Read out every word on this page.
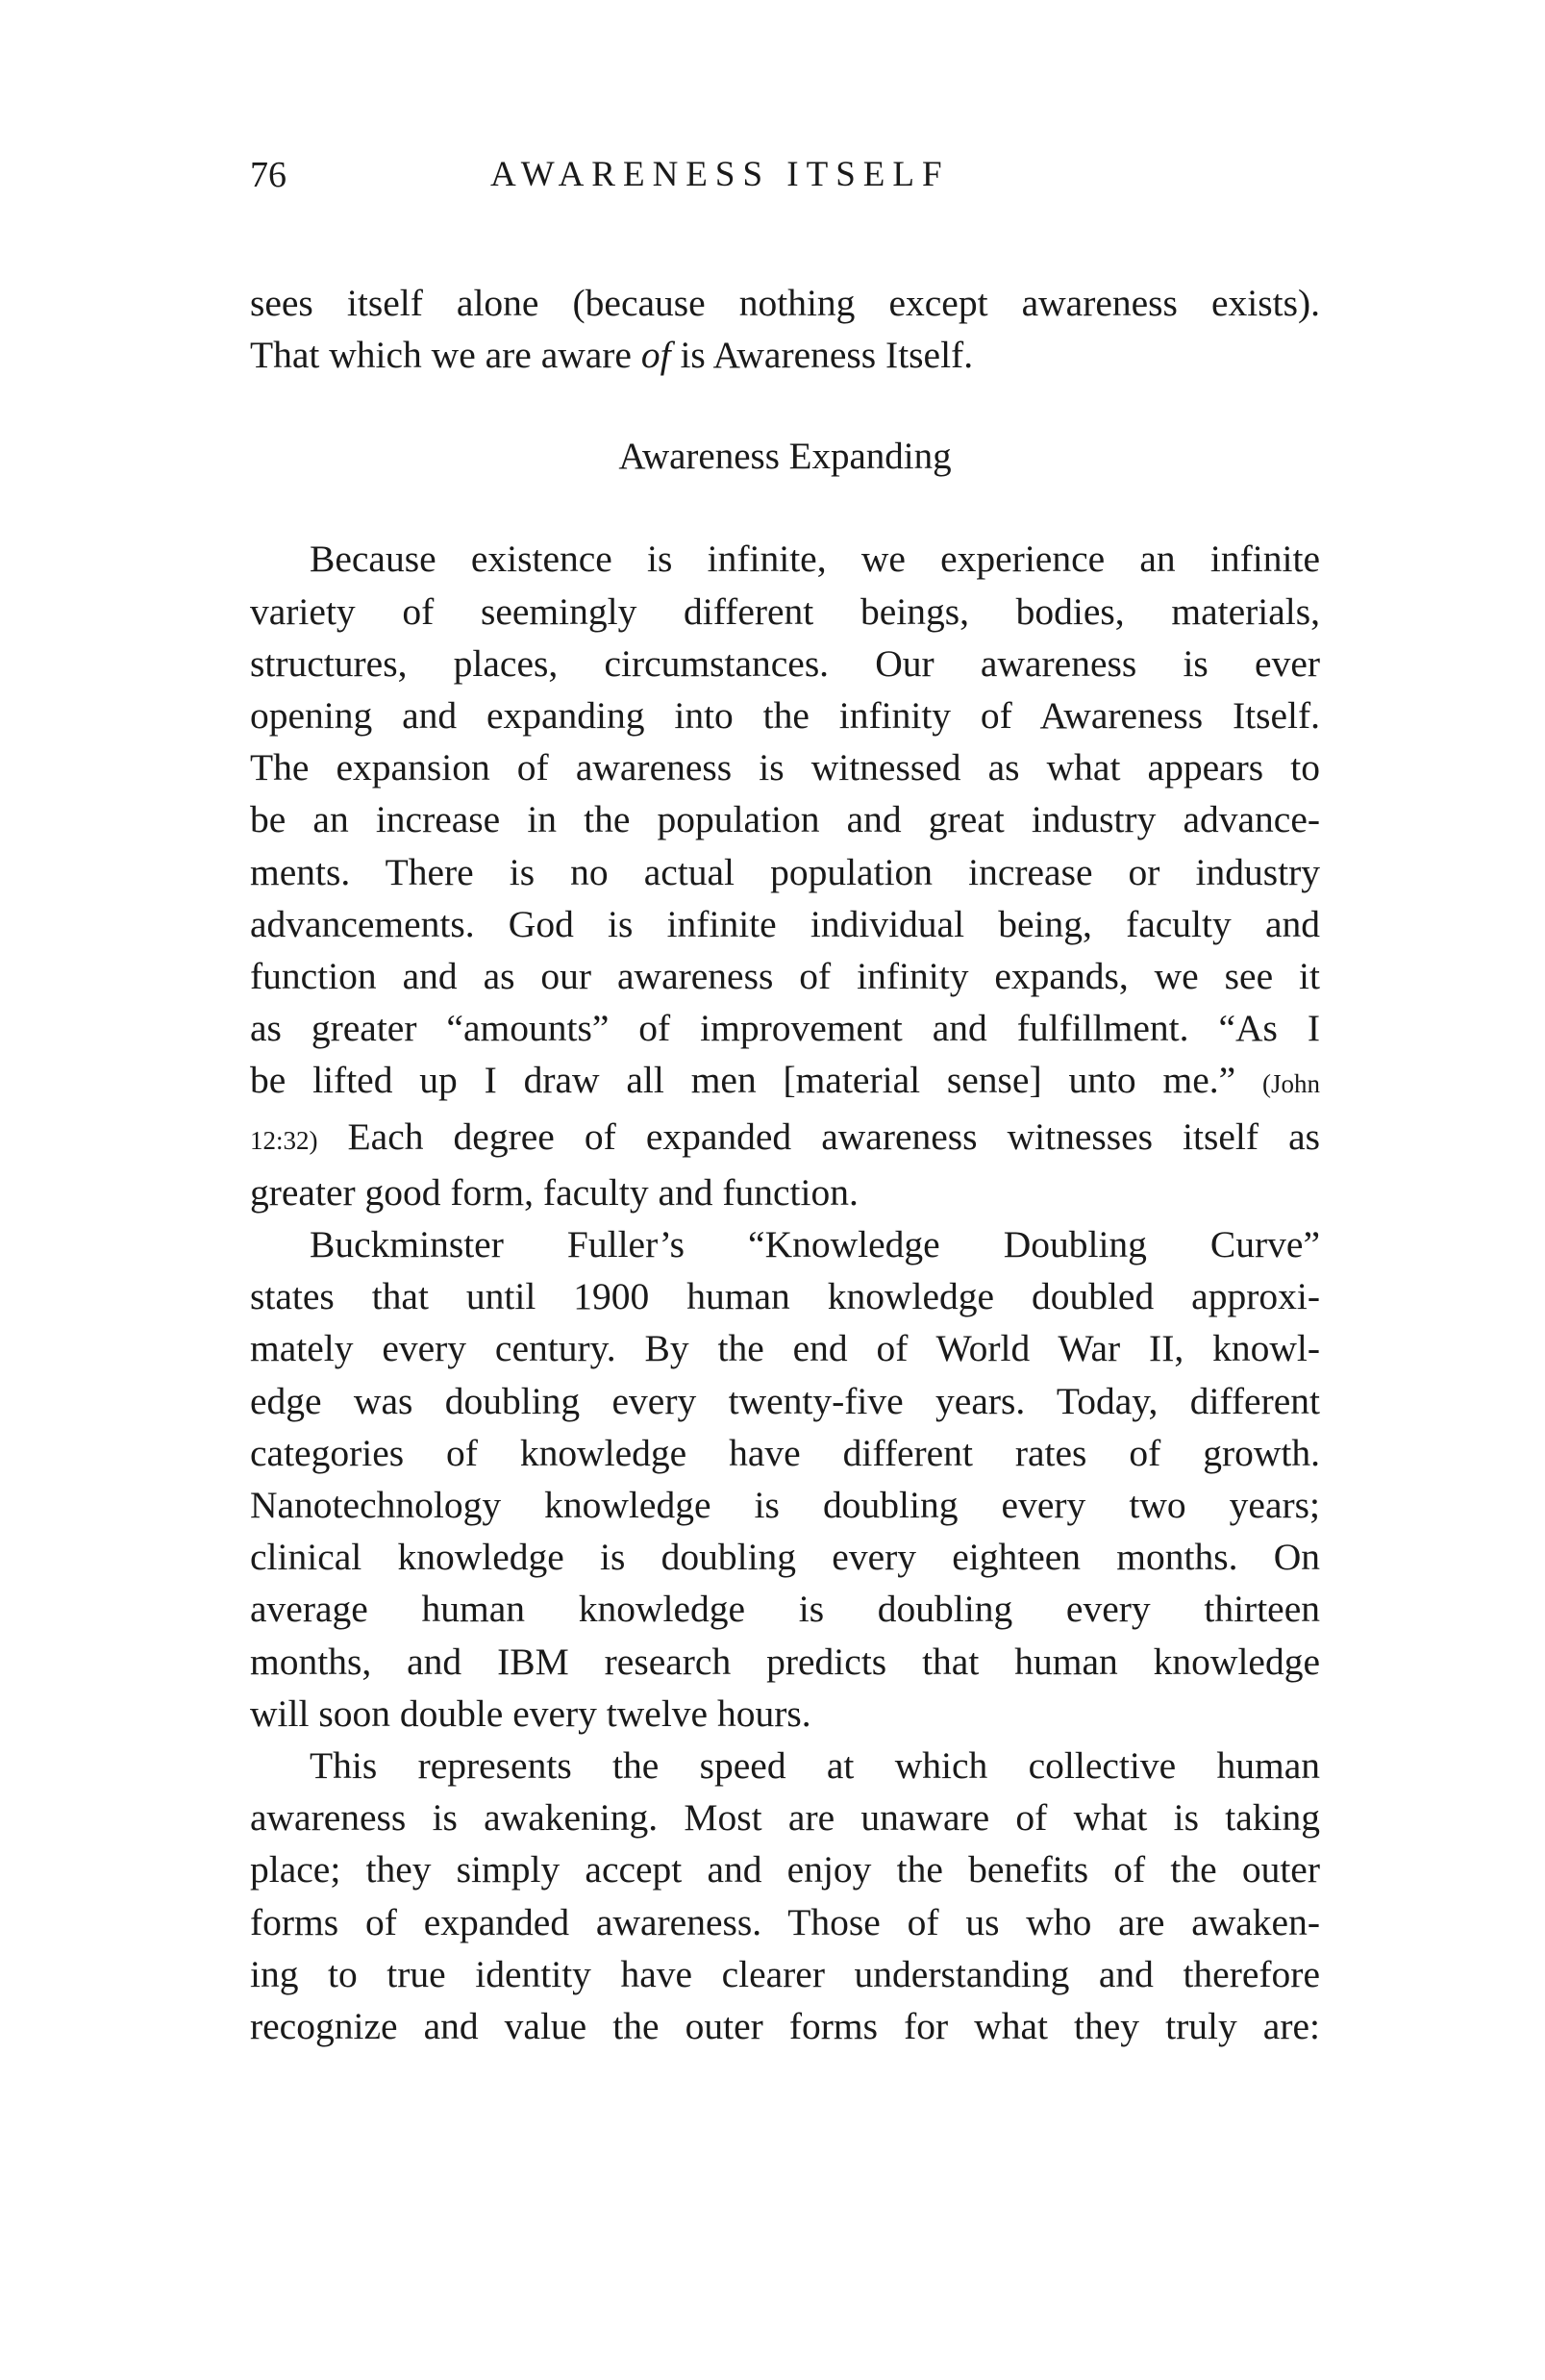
76	AWARENESS ITSELF
sees itself alone (because nothing except awareness exists).
That which we are aware of is Awareness Itself.
Awareness Expanding
Because existence is infinite, we experience an infinite
variety of seemingly different beings, bodies, materials,
structures, places, circumstances. Our awareness is ever
opening and expanding into the infinity of Awareness Itself.
The expansion of awareness is witnessed as what appears to
be an increase in the population and great industry advance-
ments. There is no actual population increase or industry
advancements. God is infinite individual being, faculty and
function and as our awareness of infinity expands, we see it
as greater “amounts” of improvement and fulfillment. “As I
be lifted up I draw all men [material sense] unto me.” (John
12:32) Each degree of expanded awareness witnesses itself as
greater good form, faculty and function.
Buckminster Fuller’s “Knowledge Doubling Curve”
states that until 1900 human knowledge doubled approxi-
mately every century. By the end of World War II, knowl-
edge was doubling every twenty-five years. Today, different
categories of knowledge have different rates of growth.
Nanotechnology knowledge is doubling every two years;
clinical knowledge is doubling every eighteen months. On
average human knowledge is doubling every thirteen
months, and IBM research predicts that human knowledge
will soon double every twelve hours.
This represents the speed at which collective human
awareness is awakening. Most are unaware of what is taking
place; they simply accept and enjoy the benefits of the outer
forms of expanded awareness. Those of us who are awaken-
ing to true identity have clearer understanding and therefore
recognize and value the outer forms for what they truly are:
